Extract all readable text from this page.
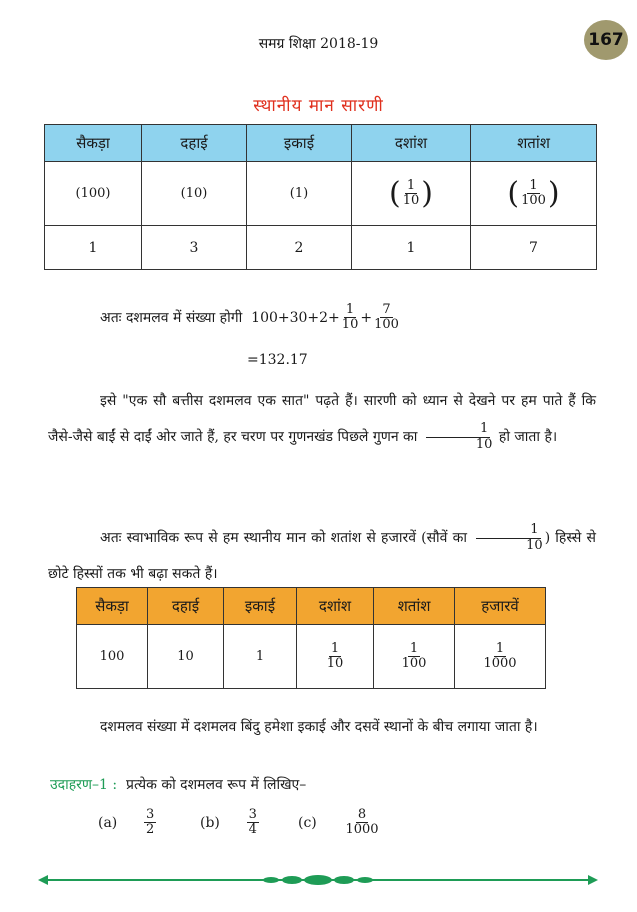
समग्र शिक्षा 2018-19	167
स्थानीय मान सारणी
सैकड़ा	दहाई	इकाई	दशांश	शतांश
(100)	(10)	(1)	( $\frac{1}{10}$ )	( $\frac{1}{100}$ )
1	3	2	1	7
अतः दशमलव में संख्या होगी $100+30+2+ \frac{1}{10} + \frac{7}{100}$
=132.17
इसे "एक सौ बत्तीस दशमलव एक सात" पढ़ते हैं। सारणी को ध्यान से देखने पर हम पाते हैं कि जैसे-जैसे बाईं से दाईं ओर जाते हैं, हर चरण पर गुणनखंड पिछले गुणन का $\frac{1}{10}$ हो जाता है।
अतः स्वाभाविक रूप से हम स्थानीय मान को शतांश से हजारवें (सौवें का $\frac{1}{10}$ ) हिस्से से छोटे हिस्सों तक भी बढ़ा सकते हैं।
सैकड़ा	दहाई	इकाई	दशांश	शतांश	हजारवें
100	10	1	$\frac{1}{10}$	$\frac{1}{100}$	$\frac{1}{1000}$
दशमलव संख्या में दशमलव बिंदु हमेशा इकाई और दसवें स्थानों के बीच लगाया जाता है।
उदाहरण–1 : प्रत्येक को दशमलव रूप में लिखिए–
$(a) \frac{3}{2}$	$(b) \frac{3}{4}$	$(c) \frac{8}{1000}$
